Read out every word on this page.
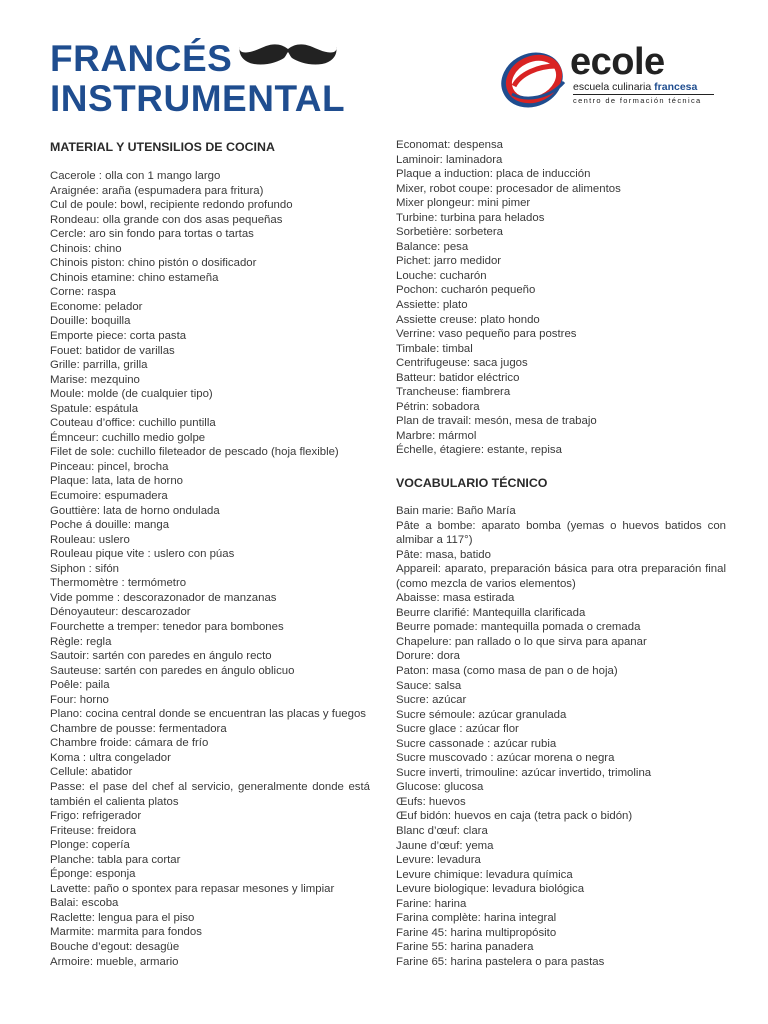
FRANCÉS
INSTRUMENTAL
ecole
escuela culinaria francesa
centro de formación técnica
MATERIAL Y UTENSILIOS DE COCINA
Cacerole : olla con 1 mango largo
Araignée: araña (espumadera para fritura)
Cul de poule: bowl, recipiente redondo profundo
Rondeau: olla grande con dos asas pequeñas
Cercle: aro sin fondo para tortas o tartas
Chinois: chino
Chinois piston: chino pistón o dosificador
Chinois etamine: chino estameña
Corne: raspa
Econome: pelador
Douille: boquilla
Emporte piece: corta pasta
Fouet: batidor de varillas
Grille: parrilla, grilla
Marise: mezquino
Moule: molde (de cualquier tipo)
Spatule: espátula
Couteau d’office: cuchillo puntilla
Émnceur: cuchillo medio golpe
Filet de sole: cuchillo fileteador de pescado (hoja flexible)
Pinceau: pincel, brocha
Plaque: lata, lata de horno
Ecumoire: espumadera
Gouttière: lata de horno ondulada
Poche á douille: manga
Rouleau: uslero
Rouleau pique vite : uslero con púas
Siphon : sifón
Thermomètre : termómetro
Vide pomme : descorazonador de manzanas
Dénoyauteur: descarozador
Fourchette a tremper: tenedor para bombones
Règle: regla
Sautoir: sartén con paredes en ángulo recto
Sauteuse: sartén con paredes en ángulo oblicuo
Poêle: paila
Four: horno
Plano: cocina central donde se encuentran las placas y fuegos
Chambre de pousse: fermentadora
Chambre froide: cámara de frío
Koma : ultra congelador
Cellule: abatidor
Passe: el pase del chef al servicio, generalmente donde está también el calienta platos
Frigo: refrigerador
Friteuse: freidora
Plonge: copería
Planche: tabla para cortar
Éponge: esponja
Lavette: paño o spontex para repasar mesones y limpiar
Balai: escoba
Raclette: lengua para el piso
Marmite: marmita para fondos
Bouche d’egout: desagüe
Armoire: mueble, armario
Economat: despensa
Laminoir: laminadora
Plaque a induction: placa de inducción
Mixer, robot coupe: procesador de alimentos
Mixer plongeur: mini pimer
Turbine: turbina para helados
Sorbetière: sorbetera
Balance: pesa
Pichet: jarro medidor
Louche: cucharón
Pochon: cucharón pequeño
Assiette: plato
Assiette creuse: plato hondo
Verrine: vaso pequeño para postres
Timbale: timbal
Centrifugeuse: saca jugos
Batteur: batidor eléctrico
Trancheuse: fiambrera
Pétrin: sobadora
Plan de travail: mesón, mesa de trabajo
Marbre: mármol
Échelle, étagiere: estante, repisa
VOCABULARIO TÉCNICO
Bain marie: Baño María
Pâte a bombe: aparato bomba (yemas o huevos batidos con almibar a 117°)
Pâte: masa, batido
Appareil: aparato, preparación básica para otra preparación final (como mezcla de varios elementos)
Abaisse: masa estirada
Beurre clarifié: Mantequilla clarificada
Beurre pomade: mantequilla pomada o cremada
Chapelure: pan rallado o lo que sirva para apanar
Dorure: dora
Paton: masa (como masa de pan o de hoja)
Sauce: salsa
Sucre: azúcar
Sucre sémoule: azúcar granulada
Sucre glace : azúcar flor
Sucre cassonade : azúcar rubia
Sucre muscovado : azúcar morena o negra
Sucre inverti, trimouline: azúcar invertido, trimolina
Glucose: glucosa
Œufs: huevos
Œuf bidón: huevos en caja (tetra pack o bidón)
Blanc d’œuf: clara
Jaune d’œuf: yema
Levure: levadura
Levure chimique: levadura química
Levure biologique: levadura biológica
Farine: harina
Farina complète: harina integral
Farine 45: harina multipropósito
Farine 55: harina panadera
Farine 65: harina pastelera o para pastas
